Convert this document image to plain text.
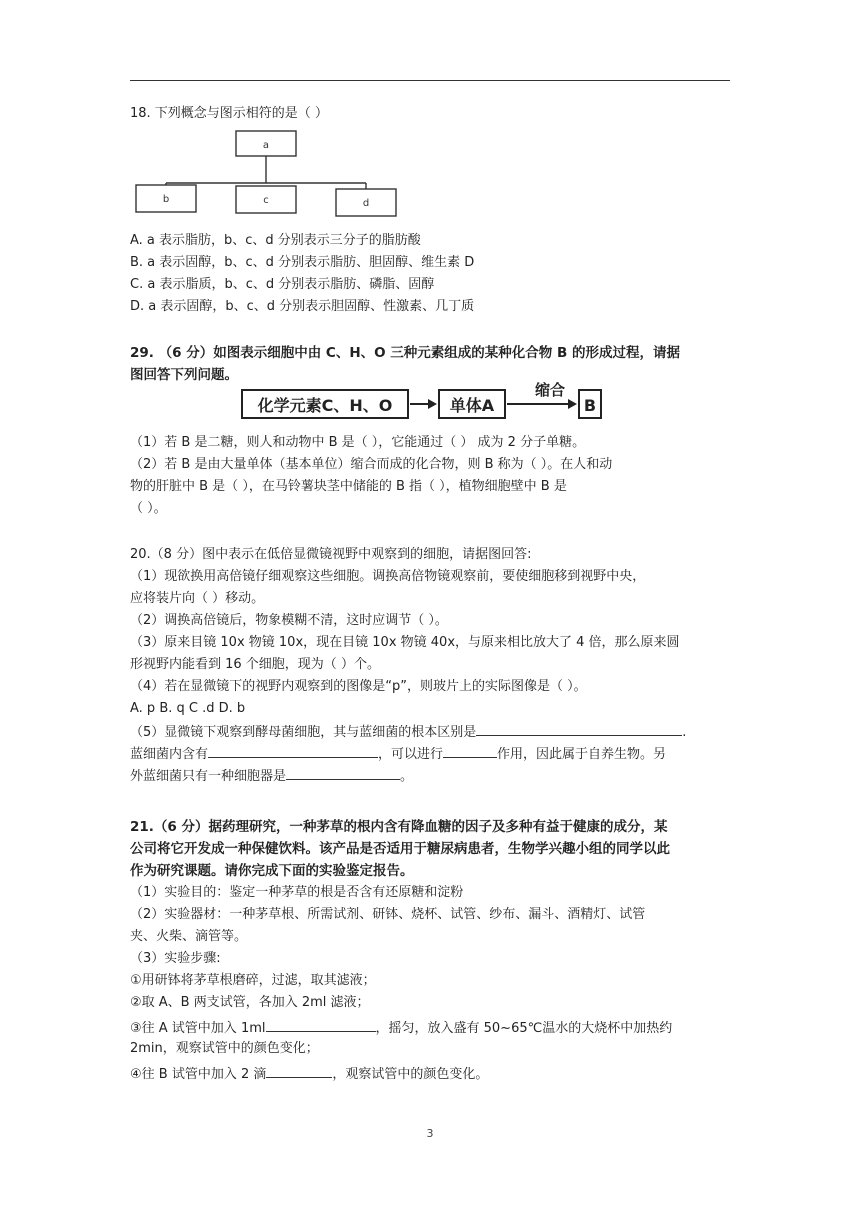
18. 下列概念与图示相符的是（ ）
a
b	c	d
A. a 表示脂肪，b、c、d 分别表示三分子的脂肪酸
B. a 表示固醇，b、c、d 分别表示脂肪、胆固醇、维生素 D
C. a 表示脂质，b、c、d 分别表示脂肪、磷脂、固醇
D. a 表示固醇，b、c、d 分别表示胆固醇、性激素、几丁质
29. （6 分）如图表示细胞中由 C、H、O 三种元素组成的某种化合物 B 的形成过程，请据
图回答下列问题。
化学元素C、H、O	单体A
缩合
B
（1）若 B 是二糖，则人和动物中 B 是（ ），它能通过（ ） 成为 2 分子单糖。
（2）若 B 是由大量单体（基本单位）缩合而成的化合物，则 B 称为（ ）。在人和动
物的肝脏中 B 是（ ），在马铃薯块茎中储能的 B 指（ ），植物细胞壁中 B 是
（ ）。
20.（8 分）图中表示在低倍显微镜视野中观察到的细胞，请据图回答:
（1）现欲换用高倍镜仔细观察这些细胞。调换高倍物镜观察前，要使细胞移到视野中央，
应将装片向（ ）移动。
（2）调换高倍镜后，物象模糊不清，这时应调节（ ）。
（3）原来目镜 10x 物镜 10x，现在目镜 10x 物镜 40x，与原来相比放大了 4 倍，那么原来圆
形视野内能看到 16 个细胞，现为（ ）个。
（4）若在显微镜下的视野内观察到的图像是“p”，则玻片上的实际图像是（ ）。
A. p B. q C .d D. b
（5）显微镜下观察到酵母菌细胞，其与蓝细菌的根本区别是	.
蓝细菌内含有	，可以进行	作用，因此属于自养生物。另
外蓝细菌只有一种细胞器是	。
21.（6 分）据药理研究，一种茅草的根内含有降血糖的因子及多种有益于健康的成分，某
公司将它开发成一种保健饮料。该产品是否适用于糖尿病患者，生物学兴趣小组的同学以此
作为研究课题。请你完成下面的实验鉴定报告。
（1）实验目的：鉴定一种茅草的根是否含有还原糖和淀粉
（2）实验器材：一种茅草根、所需试剂、研钵、烧杯、试管、纱布、漏斗、酒精灯、试管
夹、火柴、滴管等。
（3）实验步骤:
①用研钵将茅草根磨碎，过滤，取其滤液；
②取 A、B 两支试管，各加入 2ml 滤液；
③往 A 试管中加入 1ml	，摇匀，放入盛有 50~65℃温水的大烧杯中加热约
2min，观察试管中的颜色变化；
④往 B 试管中加入 2 滴	，观察试管中的颜色变化。
3
